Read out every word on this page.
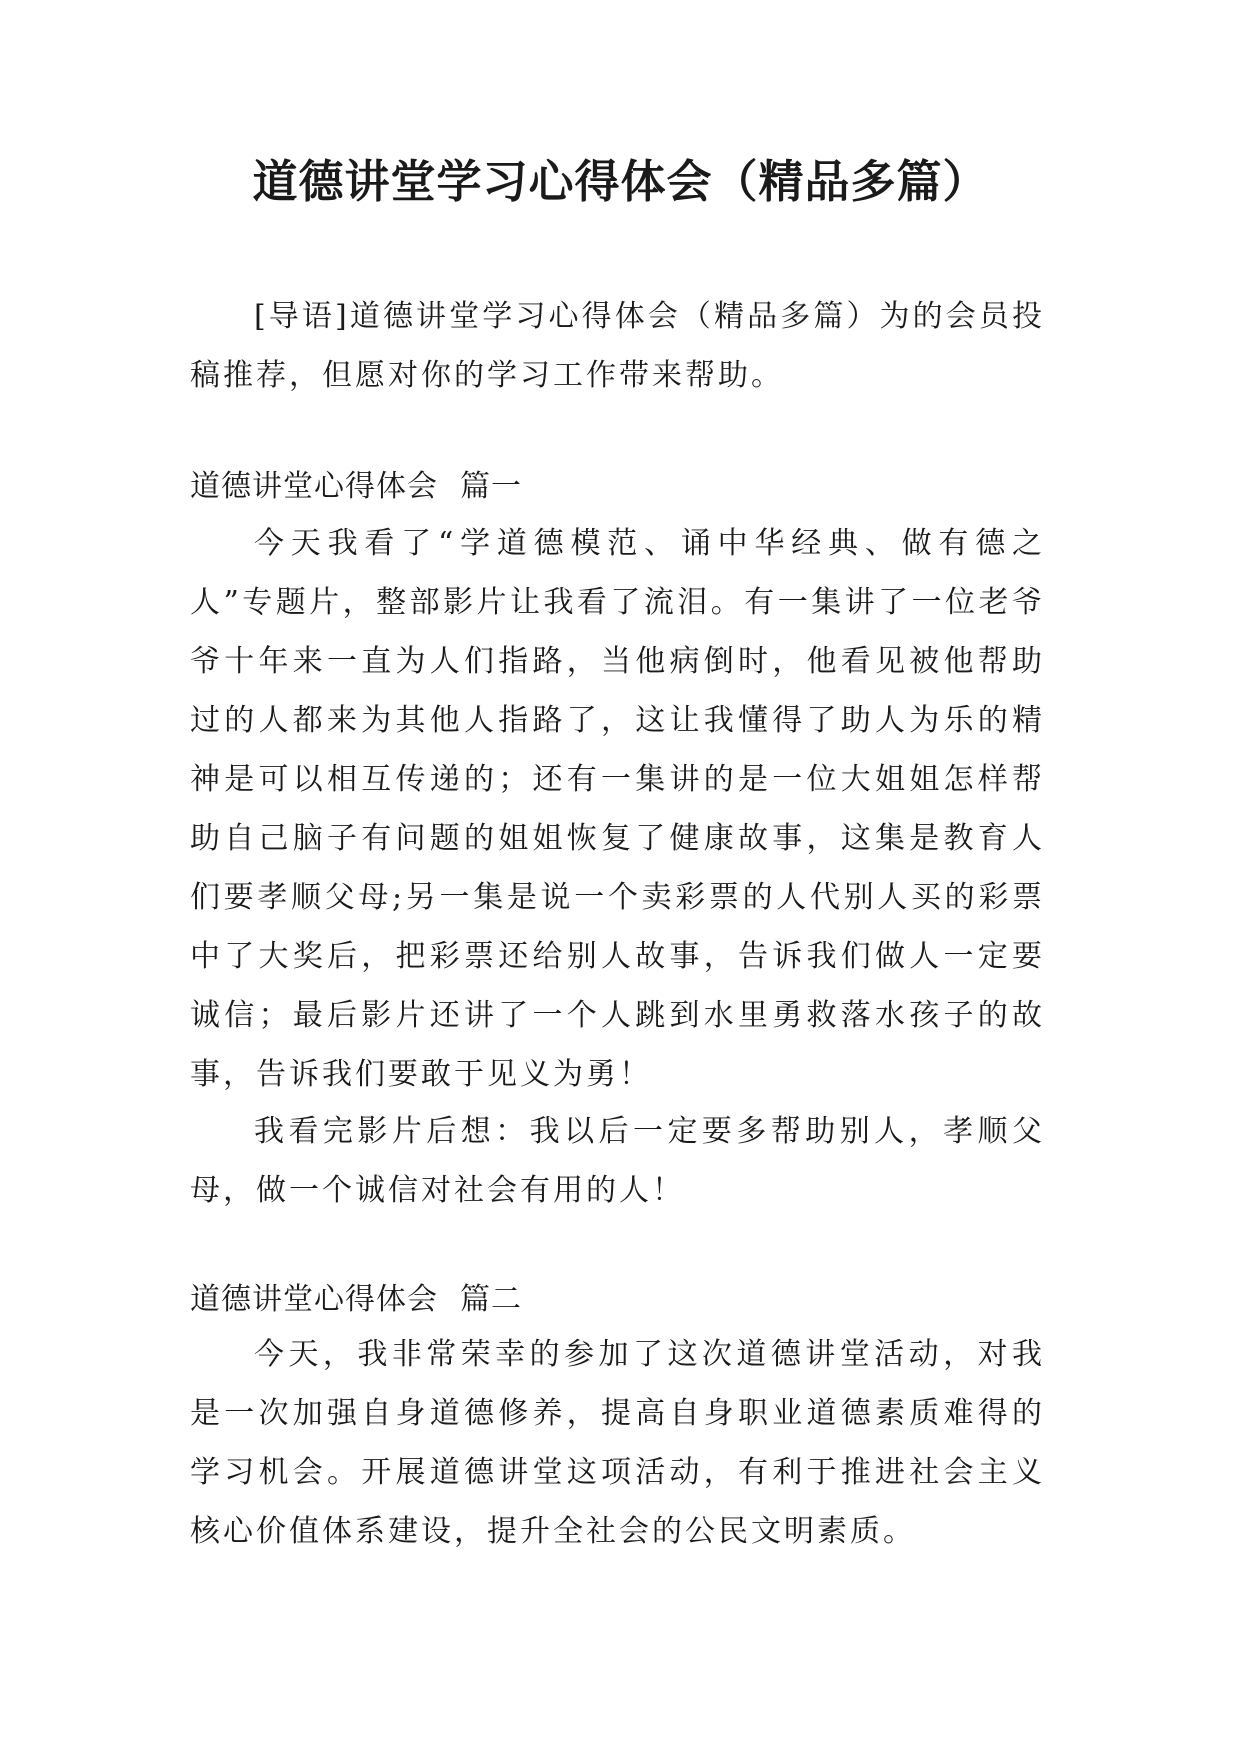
道德讲堂学习心得体会（精品多篇）

[导语]道德讲堂学习心得体会（精品多篇）为的会员投稿推荐，但愿对你的学习工作带来帮助。

道德讲堂心得体会 篇一

今天我看了“学道德模范、诵中华经典、做有德之人”专题片，整部影片让我看了流泪。有一集讲了一位老爷爷十年来一直为人们指路，当他病倒时，他看见被他帮助过的人都来为其他人指路了，这让我懂得了助人为乐的精神是可以相互传递的；还有一集讲的是一位大姐姐怎样帮助自己脑子有问题的姐姐恢复了健康故事，这集是教育人们要孝顺父母;另一集是说一个卖彩票的人代别人买的彩票中了大奖后，把彩票还给别人故事，告诉我们做人一定要诚信；最后影片还讲了一个人跳到水里勇救落水孩子的故事，告诉我们要敢于见义为勇！

我看完影片后想：我以后一定要多帮助别人，孝顺父母，做一个诚信对社会有用的人！

道德讲堂心得体会 篇二

今天，我非常荣幸的参加了这次道德讲堂活动，对我是一次加强自身道德修养，提高自身职业道德素质难得的学习机会。开展道德讲堂这项活动，有利于推进社会主义核心价值体系建设，提升全社会的公民文明素质。
